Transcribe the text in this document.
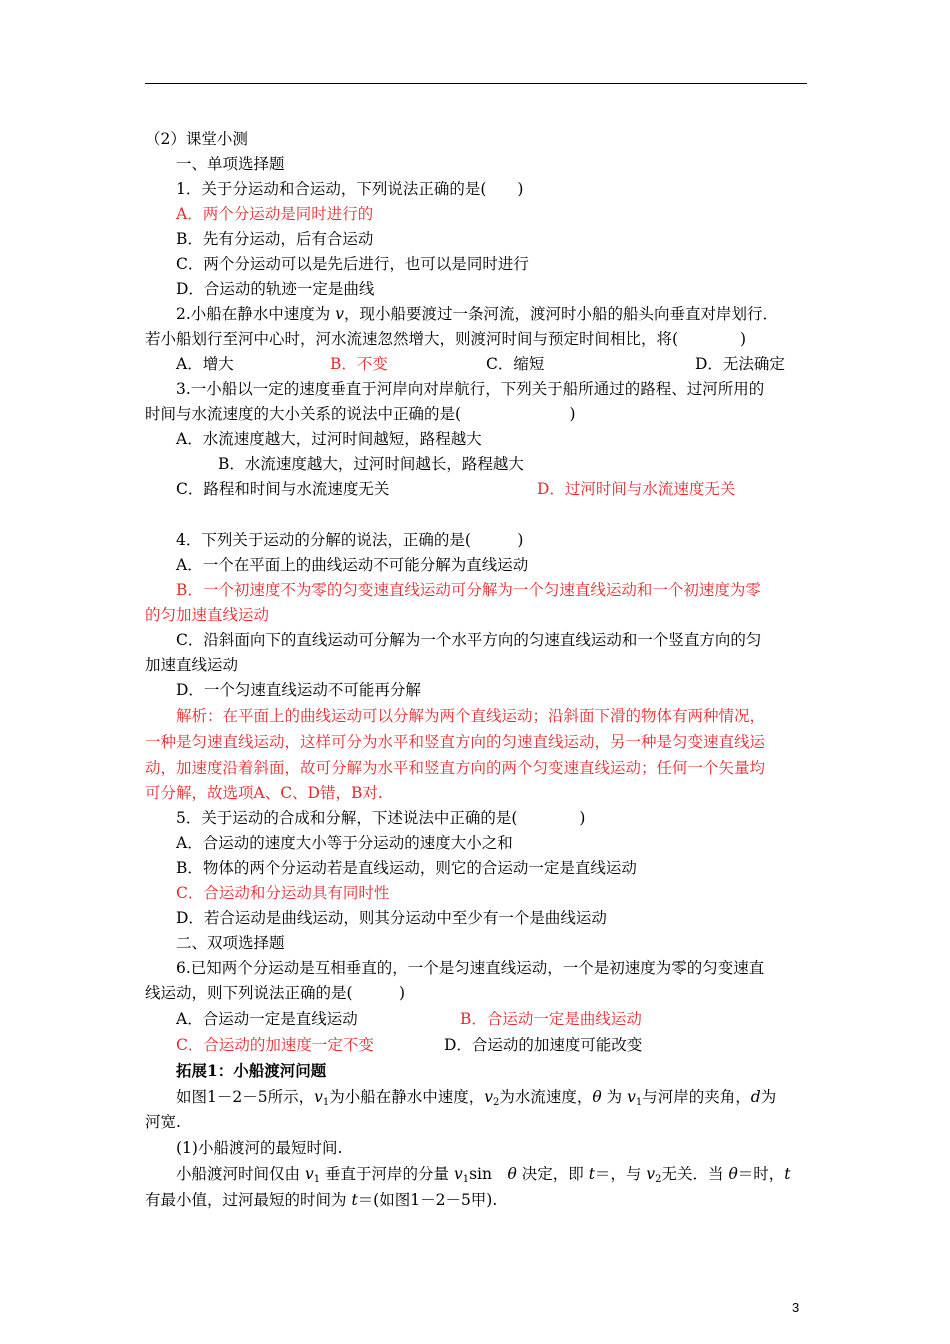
（2）课堂小测
一、单项选择题
1．关于分运动和合运动，下列说法正确的是(　　)
A．两个分运动是同时进行的
B．先有分运动，后有合运动
C．两个分运动可以是先后进行，也可以是同时进行
D．合运动的轨迹一定是曲线
2.小船在静水中速度为 v，现小船要渡过一条河流，渡河时小船的船头向垂直对岸划行．
若小船划行至河中心时，河水流速忽然增大，则渡河时间与预定时间相比，将(　　　　)
A．增大	B．不变	C．缩短	D．无法确定
3.一小船以一定的速度垂直于河岸向对岸航行，下列关于船所通过的路程、过河所用的
时间与水流速度的大小关系的说法中正确的是(　　　　　　　)
A．水流速度越大，过河时间越短，路程越大
B．水流速度越大，过河时间越长，路程越大
C．路程和时间与水流速度无关	D．过河时间与水流速度无关
4．下列关于运动的分解的说法，正确的是(　　　)
A．一个在平面上的曲线运动不可能分解为直线运动
B．一个初速度不为零的匀变速直线运动可分解为一个匀速直线运动和一个初速度为零
的匀加速直线运动
C．沿斜面向下的直线运动可分解为一个水平方向的匀速直线运动和一个竖直方向的匀
加速直线运动
D．一个匀速直线运动不可能再分解
解析：在平面上的曲线运动可以分解为两个直线运动；沿斜面下滑的物体有两种情况，
一种是匀速直线运动，这样可分为水平和竖直方向的匀速直线运动，另一种是匀变速直线运
动，加速度沿着斜面，故可分解为水平和竖直方向的两个匀变速直线运动；任何一个矢量均
可分解，故选项A、C、D错，B对.
5．关于运动的合成和分解，下述说法中正确的是(　　　　)
A．合运动的速度大小等于分运动的速度大小之和
B．物体的两个分运动若是直线运动，则它的合运动一定是直线运动
C．合运动和分运动具有同时性
D．若合运动是曲线运动，则其分运动中至少有一个是曲线运动
二、双项选择题
6.已知两个分运动是互相垂直的，一个是匀速直线运动，一个是初速度为零的匀变速直
线运动，则下列说法正确的是(　　　)
A．合运动一定是直线运动	B．合运动一定是曲线运动
C．合运动的加速度一定不变	D．合运动的加速度可能改变
拓展1：小船渡河问题
如图1－2－5所示，$v_1$为小船在静水中速度，$v_2$为水流速度，θ 为 $v_1$与河岸的夹角，d为
河宽.
(1)小船渡河的最短时间.
小船渡河时间仅由 $v_1$ 垂直于河岸的分量 $v_1\sin$　θ 决定，即 t＝，与 $v_2$无关．当 θ＝时，t
有最小值，过河最短的时间为 t＝(如图1－2－5甲).
3
